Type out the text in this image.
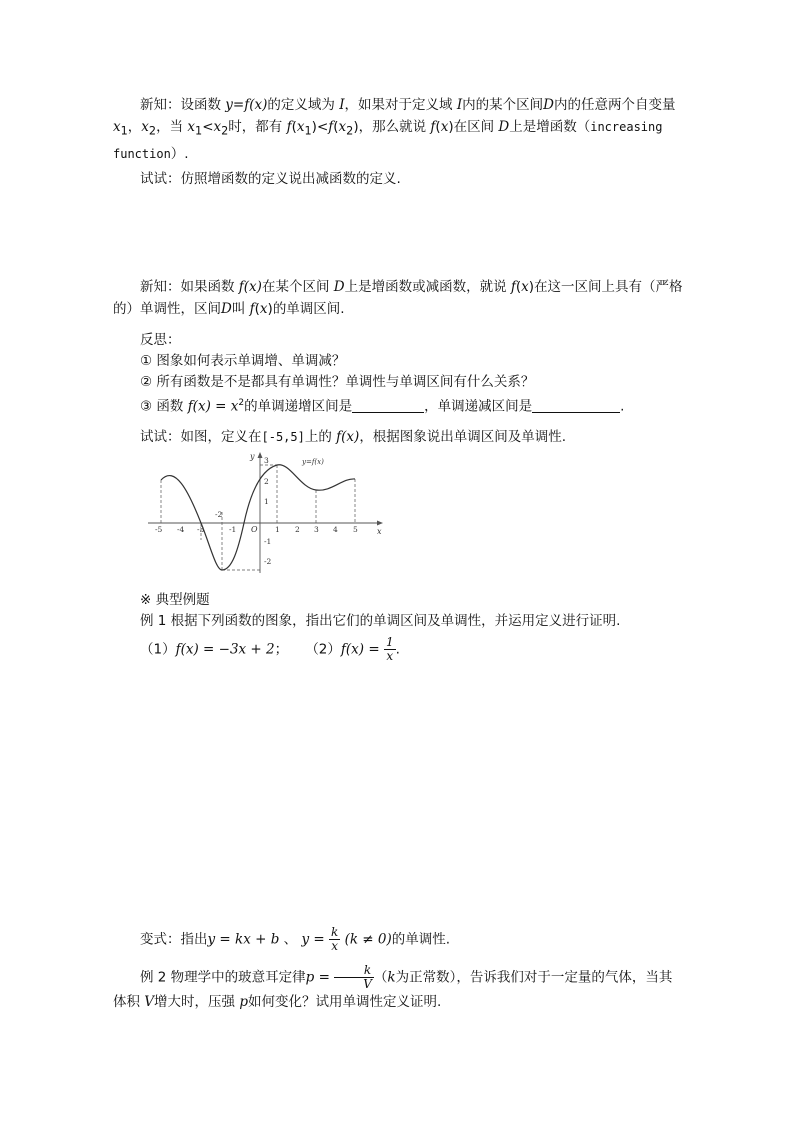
新知：设函数 y=f(x)的定义域为 I，如果对于定义域 I内的某个区间D内的任意两个自变量 $x_1$，$x_2$，当 $x_1<x_2$时，都有 $f(x_1)<f(x_2)$，那么就说 f(x)在区间 D上是增函数（increasing function）.
试试：仿照增函数的定义说出减函数的定义.
新知：如果函数 f(x)在某个区间 D上是增函数或减函数，就说 f(x)在这一区间上具有（严格的）单调性，区间D叫 f(x)的单调区间.
反思：
① 图象如何表示单调增、单调减？
② 所有函数是不是都具有单调性？单调性与单调区间有什么关系？
③ 函数 $f(x) = x^2$的单调递增区间是	，单调递减区间是	.
试试：如图，定义在[-5,5]上的 f(x)，根据图象说出单调区间及单调性.
y=f(x)
x
y
O
-5 -4 -3	-1	1 2 3 4 5
-2
3
2
1
-1
-2
※ 典型例题
例 1 根据下列函数的图象，指出它们的单调区间及单调性，并运用定义进行证明.
（1）f(x) = −3x + 2； $(2)f(x) = \frac{1}{x}$ .
变式：指出y = kx + b 、 $y = \frac{k}{x} (k \ne 0)$的单调性.
例 2 物理学中的玻意耳定律$p = \frac{k}{V} (k$为正常数），告诉我们对于一定量的气体，当其体积 V增大时，压强 p如何变化？试用单调性定义证明.
